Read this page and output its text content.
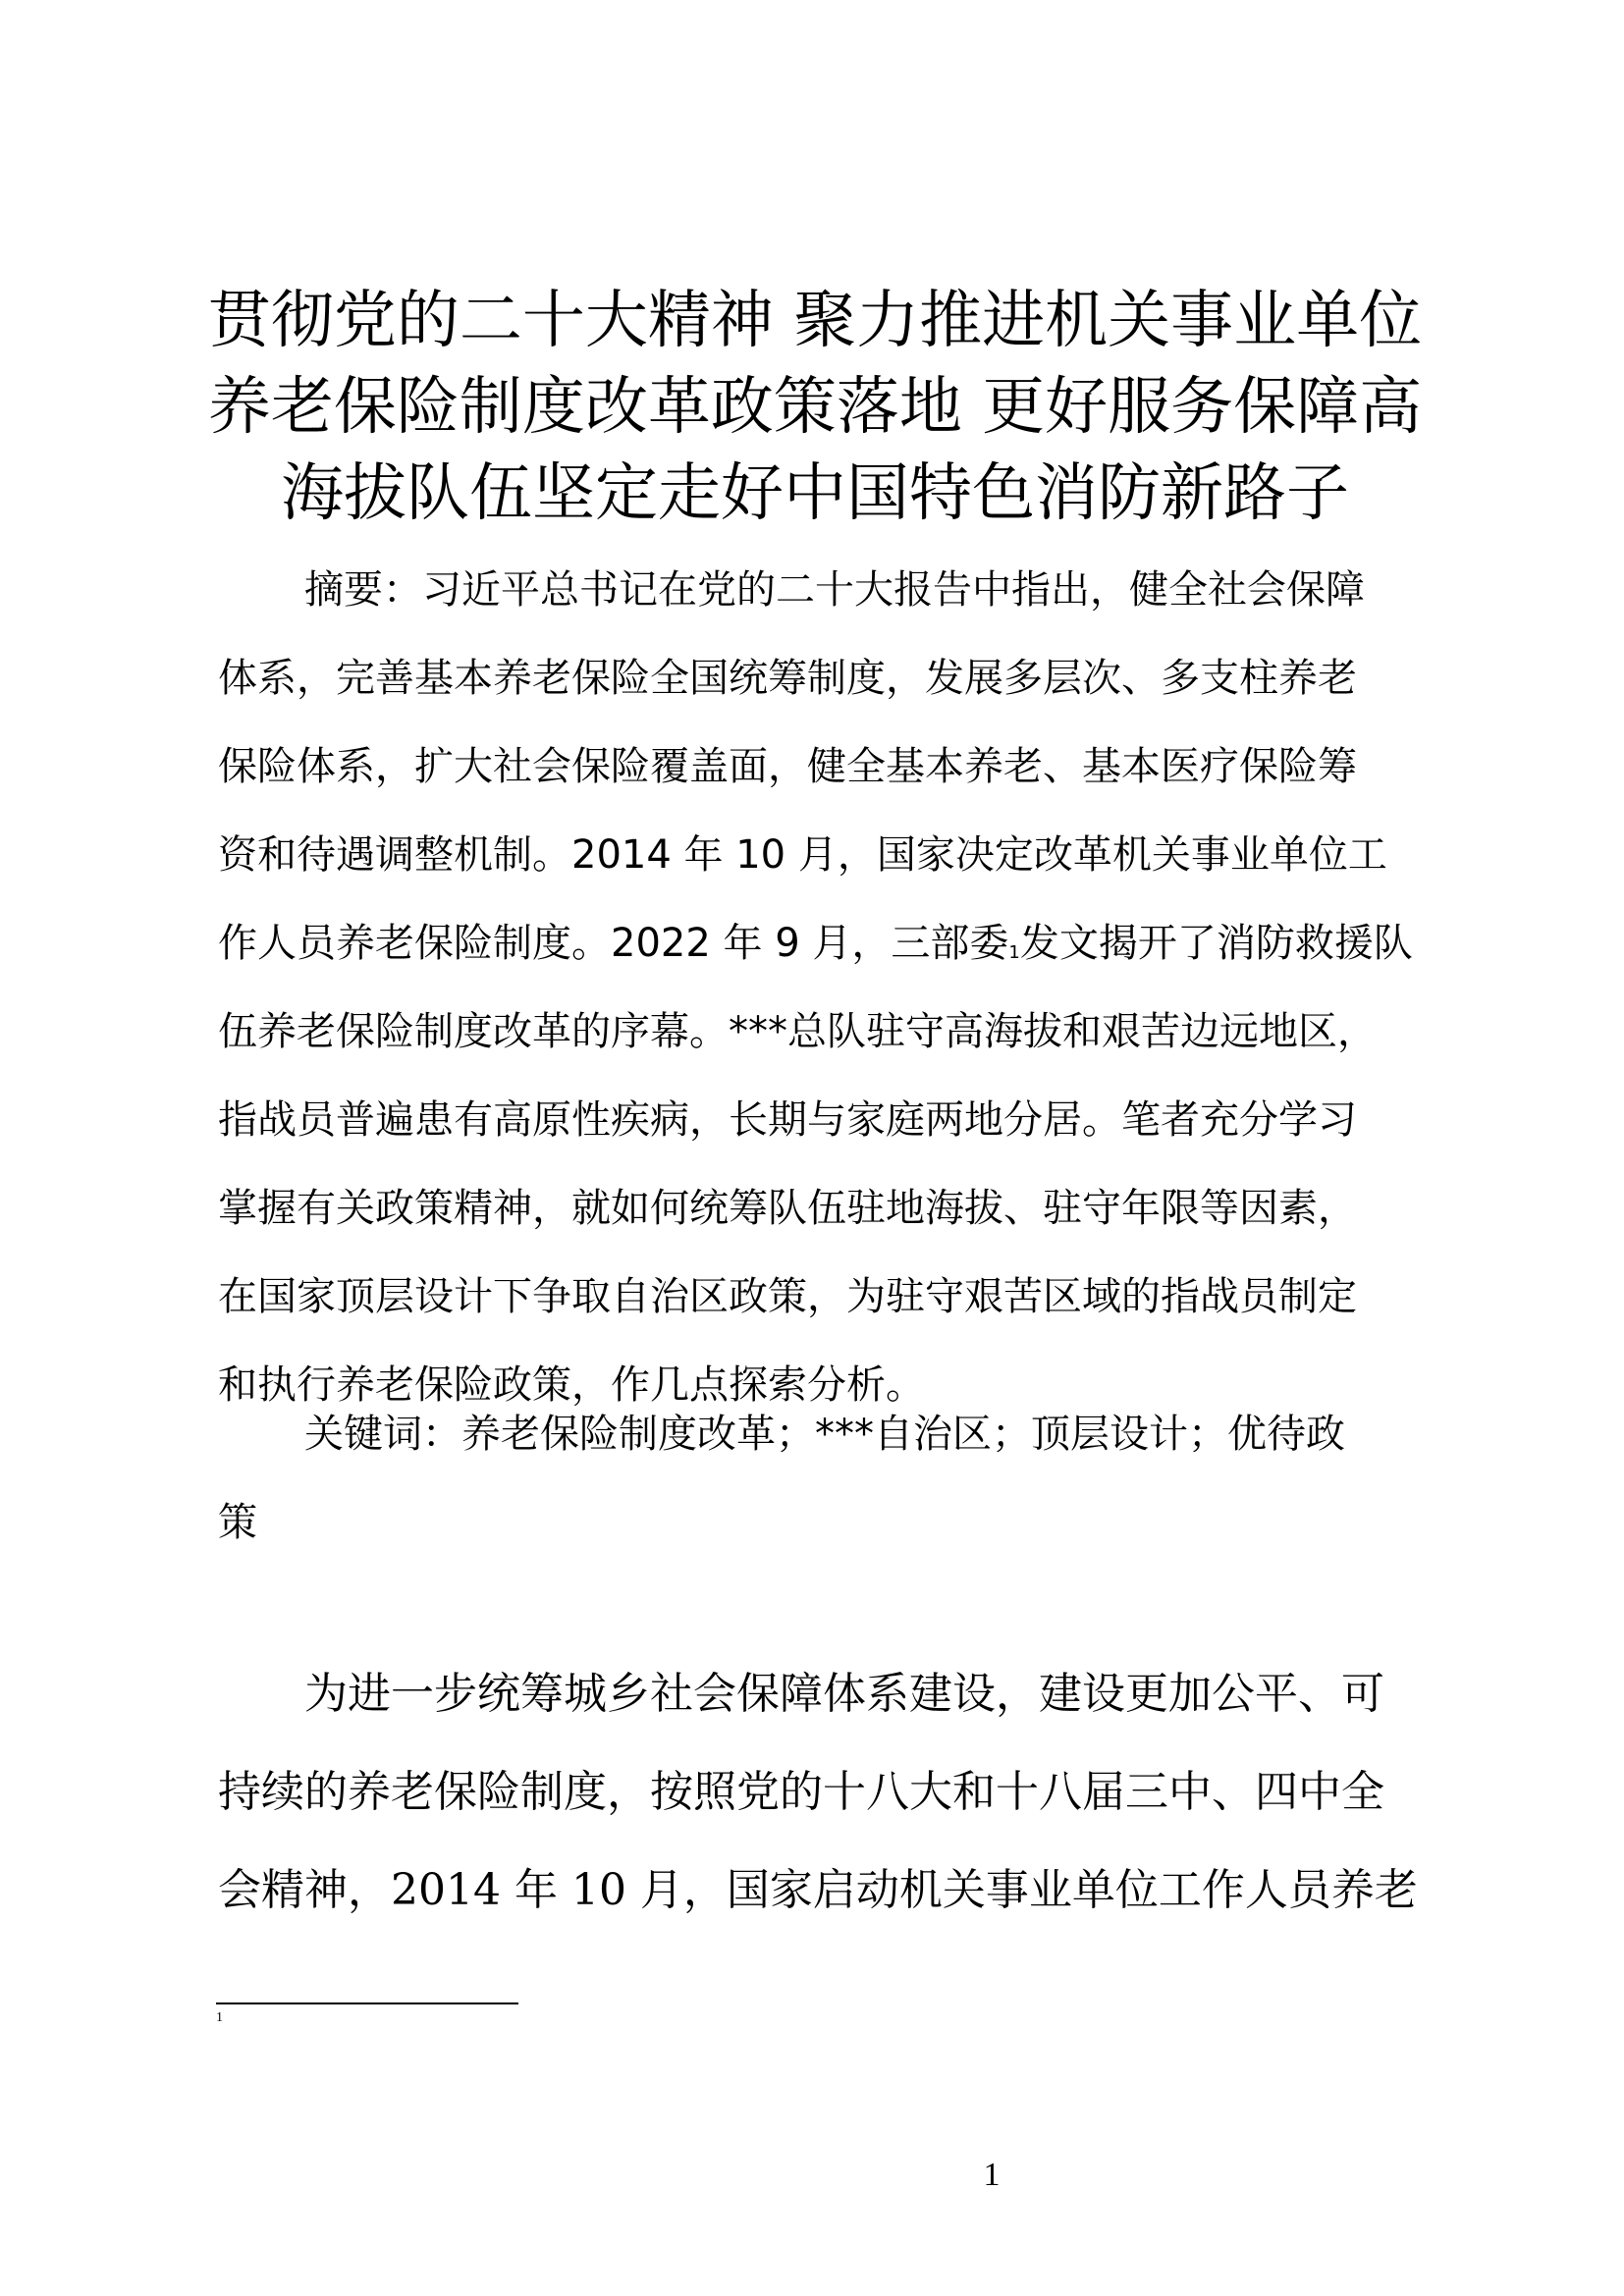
贯彻党的二十大精神 聚力推进机关事业单位
养老保险制度改革政策落地 更好服务保障高
海拔队伍坚定走好中国特色消防新路子
摘要：习近平总书记在党的二十大报告中指出，健全社会保障
体系，完善基本养老保险全国统筹制度，发展多层次、多支柱养老
保险体系，扩大社会保险覆盖面，健全基本养老、基本医疗保险筹
资和待遇调整机制。2014 年 10 月，国家决定改革机关事业单位工
作人员养老保险制度。2022 年 9 月，三部委$^1$发文揭开了消防救援队
伍养老保险制度改革的序幕。***总队驻守高海拔和艰苦边远地区，
指战员普遍患有高原性疾病，长期与家庭两地分居。笔者充分学习
掌握有关政策精神，就如何统筹队伍驻地海拔、驻守年限等因素，
在国家顶层设计下争取自治区政策，为驻守艰苦区域的指战员制定
和执行养老保险政策，作几点探索分析。
关键词：养老保险制度改革；***自治区；顶层设计；优待政
策
为进一步统筹城乡社会保障体系建设，建设更加公平、可
持续的养老保险制度，按照党的十八大和十八届三中、四中全
会精神，2014 年 10 月，国家启动机关事业单位工作人员养老
1
1
